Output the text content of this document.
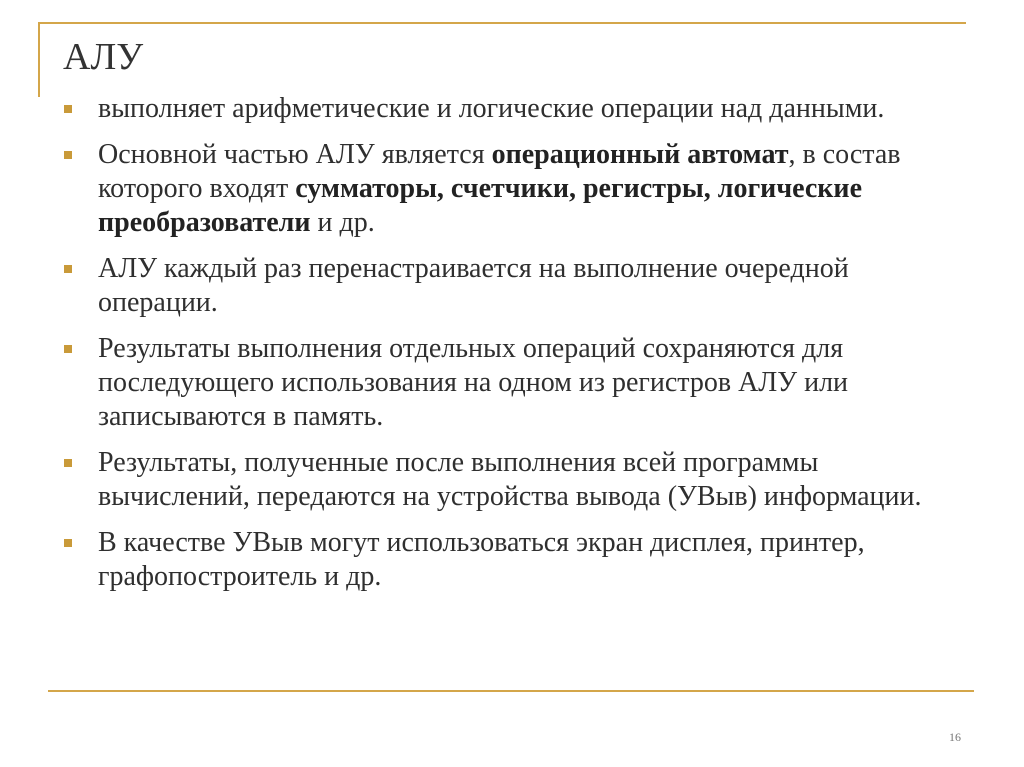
АЛУ
выполняет арифметические и логические операции над данными.
Основной частью АЛУ является операционный автомат, в состав которого входят сумматоры, счетчики, регистры, логические преобразователи и др.
АЛУ каждый раз перенастраивается на выполнение очередной операции.
Результаты выполнения отдельных операций сохраняются для последующего использования на одном из регистров АЛУ или записываются в память.
Результаты, полученные после выполнения всей программы вычислений, передаются на устройства вывода (УВыв) информации.
В качестве УВыв могут использоваться экран дисплея, принтер, графопостроитель и др.
16
